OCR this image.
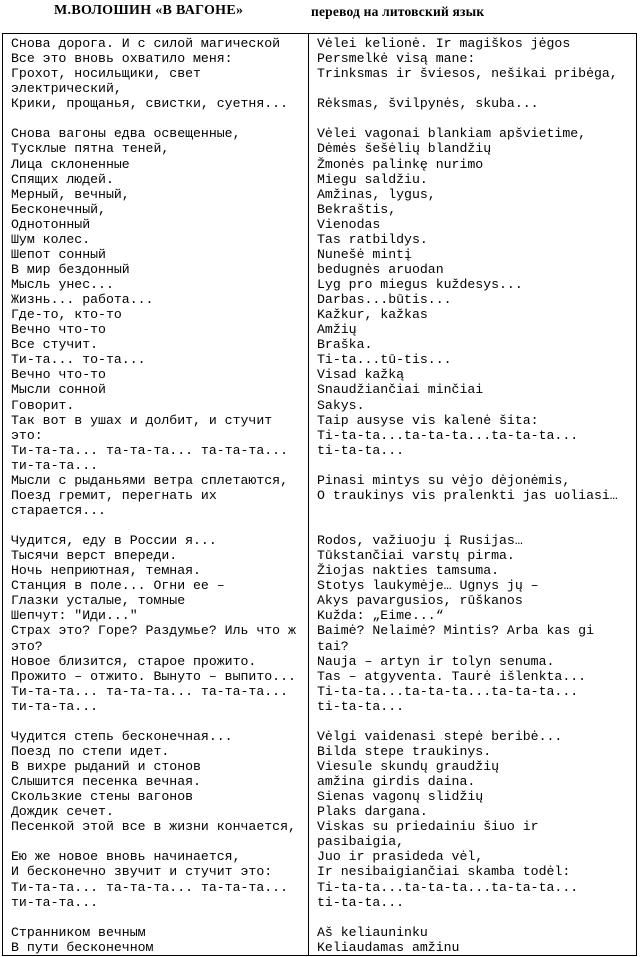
М.ВОЛОШИН «В ВАГОНЕ»	перевод на литовский язык
Снова дорога. И с силой магической
Все это вновь охватило меня:
Грохот, носильщики, свет
электрический,
Крики, прощанья, свистки, суетня...

Снова вагоны едва освещенные,
Тусклые пятна теней,
Лица склоненные
Спящих людей.
Мерный, вечный,
Бесконечный,
Однотонный
Шум колес.
Шепот сонный
В мир бездонный
Мысль унес...
Жизнь... работа...
Где-то, кто-то
Вечно что-то
Все стучит.
Ти-та... то-та...
Вечно что-то
Мысли сонной
Говорит.
Так вот в ушах и долбит, и стучит
это:
Ти-та-та... та-та-та... та-та-та...
ти-та-та...
Мысли с рыданьями ветра сплетаются,
Поезд гремит, перегнать их
старается...

Чудится, еду в России я...
Тысячи верст впереди.
Ночь неприютная, темная.
Станция в поле... Огни ее –
Глазки усталые, томные
Шепчут: "Иди..."
Страх это? Горе? Раздумье? Иль что ж
это?
Новое близится, старое прожито.
Прожито – отжито. Вынуто – выпито...
Ти-та-та... та-та-та... та-та-та...
ти-та-та...

Чудится степь бесконечная...
Поезд по степи идет.
В вихре рыданий и стонов
Слышится песенка вечная.
Скользкие стены вагонов
Дождик сечет.
Песенкой этой все в жизни кончается,

Ею же новое вновь начинается,
И бесконечно звучит и стучит это:
Ти-та-та... та-та-та... та-та-та...
ти-та-та...

Странником вечным
В пути бесконечном
Vėlei kelionė. Ir magiškos jėgos
Persmelkė visą mane:
Trinksmas ir šviesos, nešikai pribėga,

Rėksmas, švilpynės, skuba...

Vėlei vagonai blankiam apšvietime,
Dėmės šešėlių blandžių
Žmonės palinkę nurimo
Miegu saldžiu.
Amžinas, lygus,
Bekraštis,
Vienodas
Tas ratbildys.
Nunešė mintį
bedugnės aruodan
Lyg pro miegus kuždesys...
Darbas...būtis...
Kažkur, kažkas
Amžių
Braška.
Ti-ta...tū-tis...
Visad kažką
Snaudžiančiai minčiai
Sakys.
Taip ausyse vis kalenė šita:
Ti-ta-ta...ta-ta-ta...ta-ta-ta...
ti-ta-ta...

Pinasi mintys su vėjo dėjonėmis,
O traukinys vis pralenkti jas uoliasi…

Rodos, važiuoju į Rusijas…
Tūkstančiai varstų pirma.
Žiojas nakties tamsuma.
Stotys laukymėje… Ugnys jų –
Akys pavargusios, rūškanos
Kužda: „Eime...“
Baimė? Nelaimė? Mintis? Arba kas gi
tai?
Nauja – artyn ir tolyn senuma.
Tas – atgyventa. Taurė išlenkta...
Ti-ta-ta...ta-ta-ta...ta-ta-ta...
ti-ta-ta...

Vėlgi vaidenasi stepė beribė...
Bilda stepe traukinys.
Viesule skundų graudžių
amžina girdis daina.
Sienas vagonų slidžių
Plaks dargana.
Viskas su priedainiu šiuo ir
pasibaigia,
Juo ir prasideda vėl,
Ir nesibaigiančiai skamba todėl:
Ti-ta-ta...ta-ta-ta...ta-ta-ta...
ti-ta-ta...

Aš keliauninku
Keliaudamas amžinu
